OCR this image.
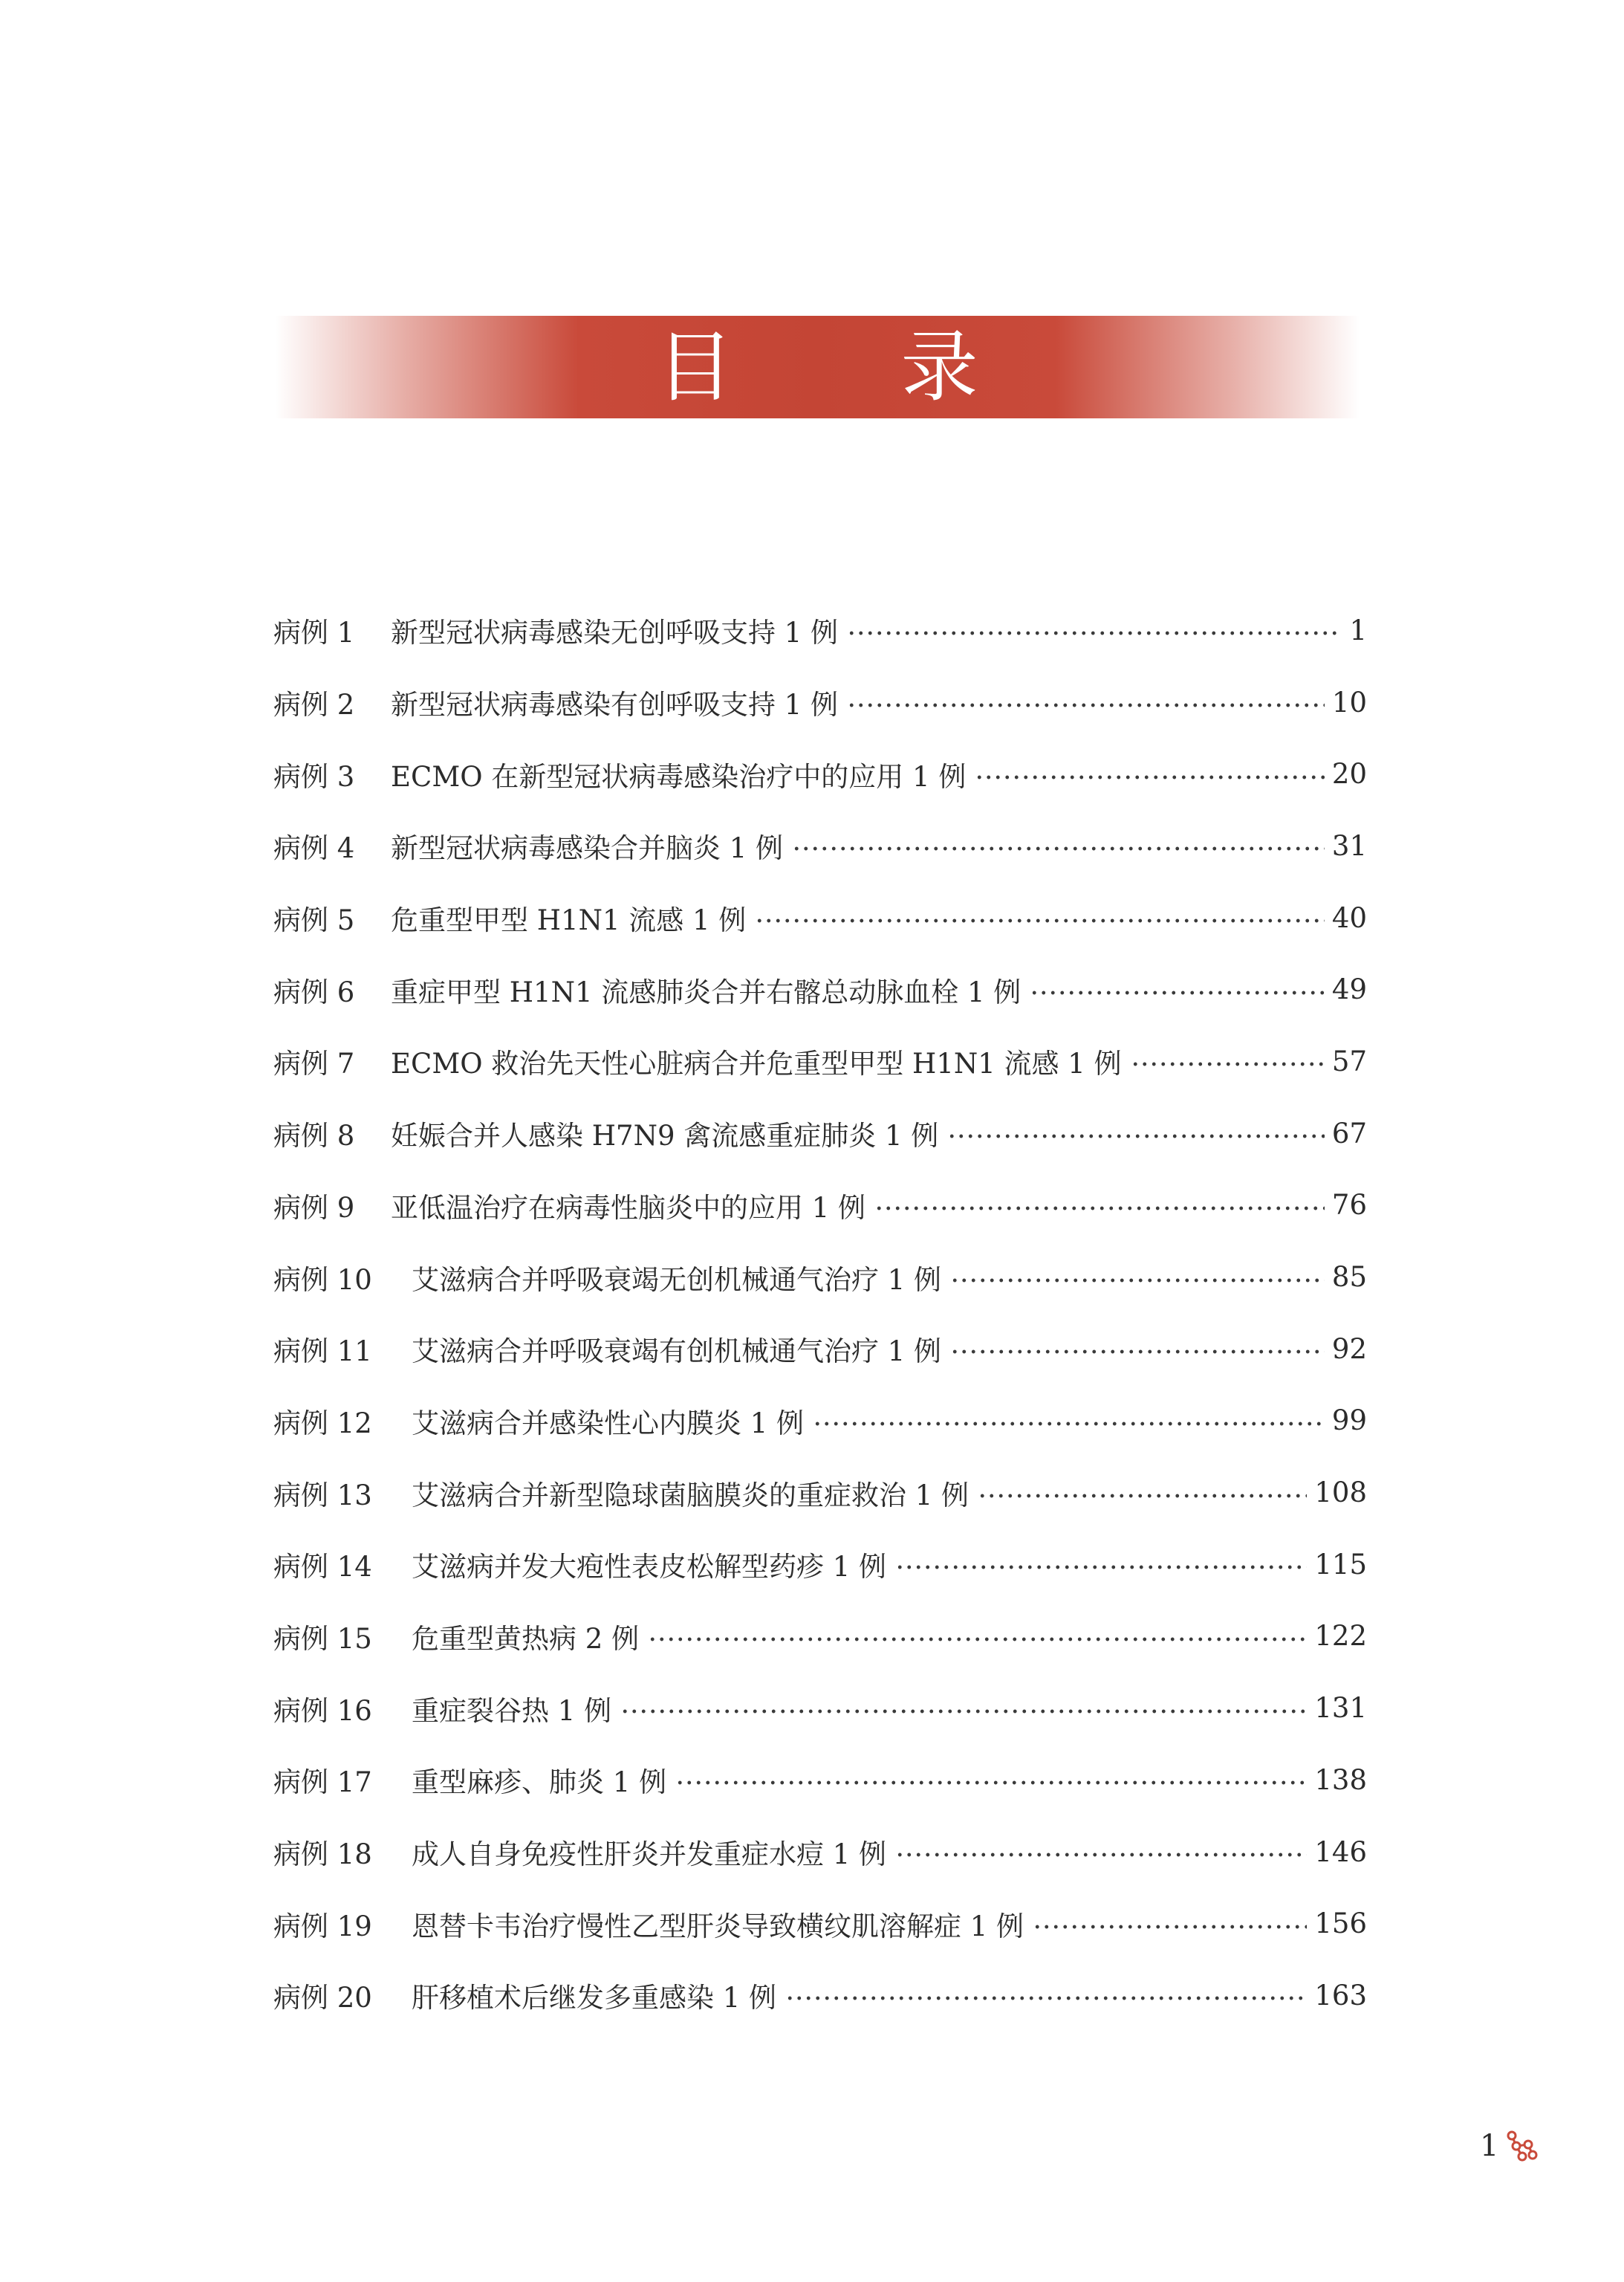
目 录
病例 1	新型冠状病毒感染无创呼吸支持 1 例	1
病例 2	新型冠状病毒感染有创呼吸支持 1 例	10
病例 3	ECMO 在新型冠状病毒感染治疗中的应用 1 例	20
病例 4	新型冠状病毒感染合并脑炎 1 例	31
病例 5	危重型甲型 H1N1 流感 1 例	40
病例 6	重症甲型 H1N1 流感肺炎合并右髂总动脉血栓 1 例	49
病例 7	ECMO 救治先天性心脏病合并危重型甲型 H1N1 流感 1 例	57
病例 8	妊娠合并人感染 H7N9 禽流感重症肺炎 1 例	67
病例 9	亚低温治疗在病毒性脑炎中的应用 1 例	76
病例 10	艾滋病合并呼吸衰竭无创机械通气治疗 1 例	85
病例 11	艾滋病合并呼吸衰竭有创机械通气治疗 1 例	92
病例 12	艾滋病合并感染性心内膜炎 1 例	99
病例 13	艾滋病合并新型隐球菌脑膜炎的重症救治 1 例	108
病例 14	艾滋病并发大疱性表皮松解型药疹 1 例	115
病例 15	危重型黄热病 2 例	122
病例 16	重症裂谷热 1 例	131
病例 17	重型麻疹、肺炎 1 例	138
病例 18	成人自身免疫性肝炎并发重症水痘 1 例	146
病例 19	恩替卡韦治疗慢性乙型肝炎导致横纹肌溶解症 1 例	156
病例 20	肝移植术后继发多重感染 1 例	163
1
